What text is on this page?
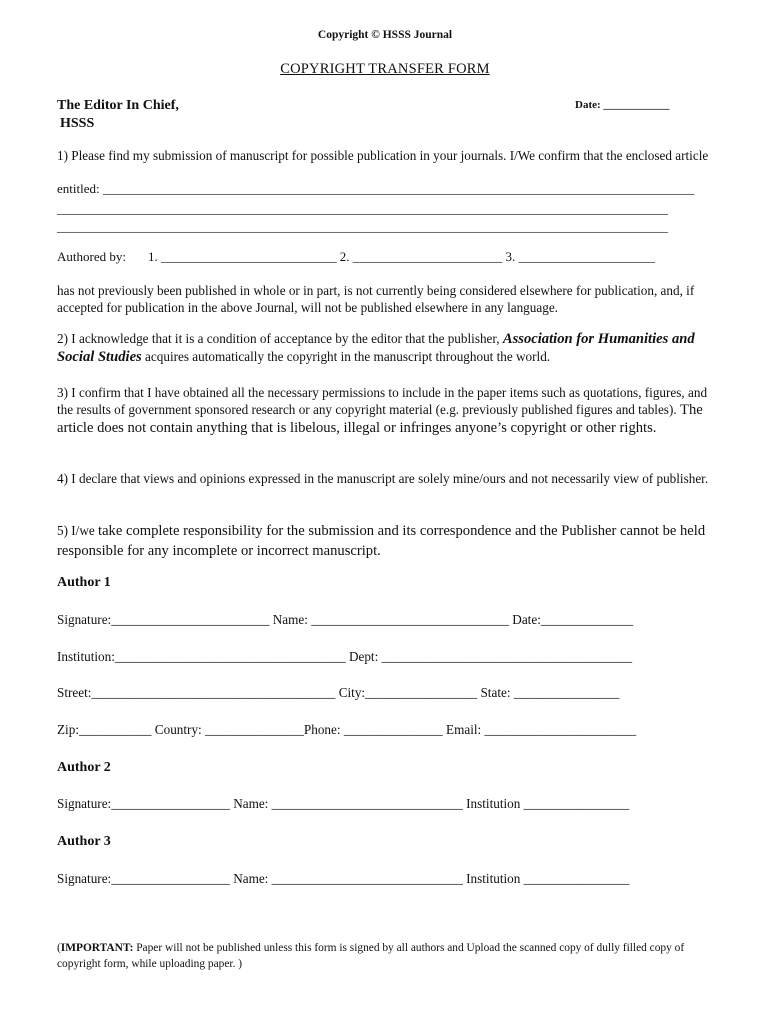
Copyright © HSSS Journal
COPYRIGHT TRANSFER FORM
The Editor In Chief,
HSSS
Date: ____________
1) Please find my submission of manuscript for possible publication in your journals. I/We confirm that the enclosed article
entitled: ___________________________________________________________________________________________
______________________________________________________________________________________________
______________________________________________________________________________________________
Authored by: 1. ___________________________ 2. _______________________ 3. _____________________
has not previously been published in whole or in part, is not currently being considered elsewhere for publication, and, if accepted for publication in the above Journal, will not be published elsewhere in any language.
2) I acknowledge that it is a condition of acceptance by the editor that the publisher, Association for Humanities and Social Studies acquires automatically the copyright in the manuscript throughout the world.
3) I confirm that I have obtained all the necessary permissions to include in the paper items such as quotations, figures, and the results of government sponsored research or any copyright material (e.g. previously published figures and tables). The article does not contain anything that is libelous, illegal or infringes anyone’s copyright or other rights.
4) I declare that views and opinions expressed in the manuscript are solely mine/ours and not necessarily view of publisher.
5) I/we take complete responsibility for the submission and its correspondence and the Publisher cannot be held responsible for any incomplete or incorrect manuscript.
Author 1
Signature:________________________ Name: ______________________________ Date:______________
Institution:___________________________________ Dept: ______________________________________
Street:_____________________________________ City:_________________ State: ________________
Zip:___________ Country: _______________Phone: _______________ Email: _______________________
Author 2
Signature:__________________ Name: _____________________________ Institution ________________
Author 3
Signature:__________________ Name: _____________________________ Institution ________________
(IMPORTANT: Paper will not be published unless this form is signed by all authors and Upload the scanned copy of dully filled copy of copyright form, while uploading paper. )
